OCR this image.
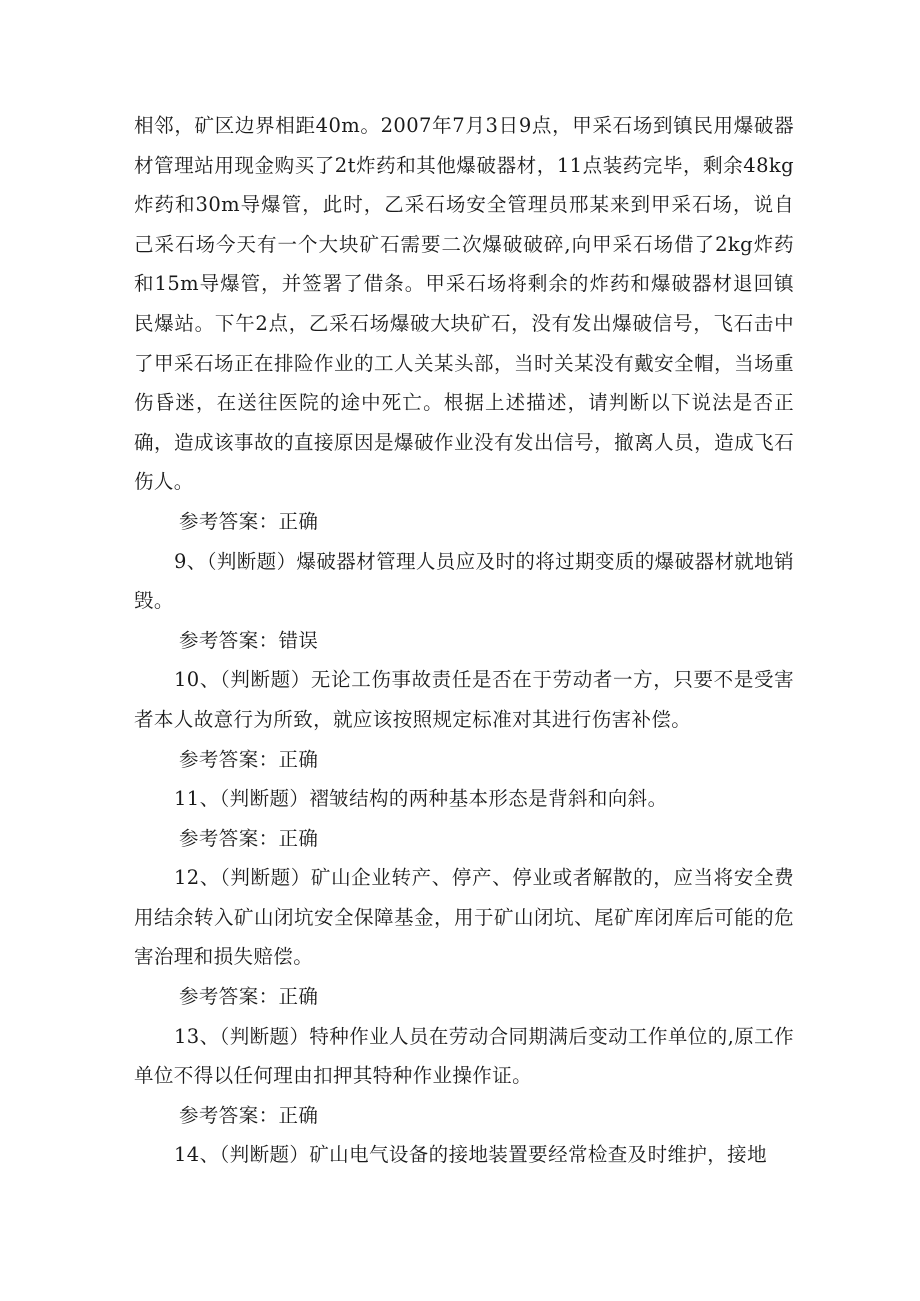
相邻，矿区边界相距40m。2007年7月3日9点，甲采石场到镇民用爆破器材管理站用现金购买了2t炸药和其他爆破器材，11点装药完毕，剩余48kg炸药和30m导爆管，此时，乙采石场安全管理员邢某来到甲采石场，说自己采石场今天有一个大块矿石需要二次爆破破碎,向甲采石场借了2kg炸药和15m导爆管，并签署了借条。甲采石场将剩余的炸药和爆破器材退回镇民爆站。下午2点，乙采石场爆破大块矿石，没有发出爆破信号，飞石击中了甲采石场正在排险作业的工人关某头部，当时关某没有戴安全帽，当场重伤昏迷，在送往医院的途中死亡。根据上述描述，请判断以下说法是否正确，造成该事故的直接原因是爆破作业没有发出信号，撤离人员，造成飞石伤人。

参考答案：正确

9、（判断题）爆破器材管理人员应及时的将过期变质的爆破器材就地销毁。

参考答案：错误

10、（判断题）无论工伤事故责任是否在于劳动者一方，只要不是受害者本人故意行为所致，就应该按照规定标准对其进行伤害补偿。

参考答案：正确

11、（判断题）褶皱结构的两种基本形态是背斜和向斜。

参考答案：正确

12、（判断题）矿山企业转产、停产、停业或者解散的，应当将安全费用结余转入矿山闭坑安全保障基金，用于矿山闭坑、尾矿库闭库后可能的危害治理和损失赔偿。

参考答案：正确

13、（判断题）特种作业人员在劳动合同期满后变动工作单位的,原工作单位不得以任何理由扣押其特种作业操作证。

参考答案：正确

14、（判断题）矿山电气设备的接地装置要经常检查及时维护，接地
